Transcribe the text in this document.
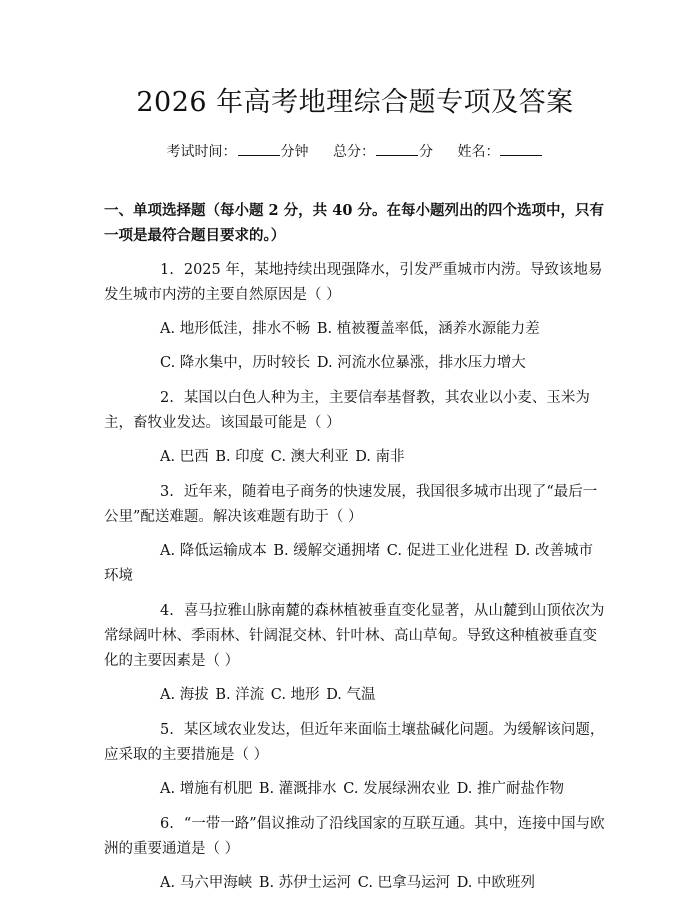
2026 年高考地理综合题专项及答案
考试时间：	分钟 总分：	分 姓名：
一、单项选择题（每小题 2 分，共 40 分。在每小题列出的四个选项中，只有一项是最符合题目要求的。）
1. 2025 年，某地持续出现强降水，引发严重城市内涝。导致该地易发生城市内涝的主要自然原因是（ ）
A. 地形低洼，排水不畅 B. 植被覆盖率低，涵养水源能力差
C. 降水集中，历时较长 D. 河流水位暴涨，排水压力增大
2. 某国以白色人种为主，主要信奉基督教，其农业以小麦、玉米为主，畜牧业发达。该国最可能是（ ）
A. 巴西 B. 印度 C. 澳大利亚 D. 南非
3. 近年来，随着电子商务的快速发展，我国很多城市出现了“最后一公里”配送难题。解决该难题有助于（ ）
A. 降低运输成本 B. 缓解交通拥堵 C. 促进工业化进程 D. 改善城市环境
4. 喜马拉雅山脉南麓的森林植被垂直变化显著，从山麓到山顶依次为常绿阔叶林、季雨林、针阔混交林、针叶林、高山草甸。导致这种植被垂直变化的主要因素是（ ）
A. 海拔 B. 洋流 C. 地形 D. 气温
5. 某区域农业发达，但近年来面临土壤盐碱化问题。为缓解该问题，应采取的主要措施是（ ）
A. 增施有机肥 B. 灌溉排水 C. 发展绿洲农业 D. 推广耐盐作物
6. “一带一路”倡议推动了沿线国家的互联互通。其中，连接中国与欧洲的重要通道是（ ）
A. 马六甲海峡 B. 苏伊士运河 C. 巴拿马运河 D. 中欧班列
